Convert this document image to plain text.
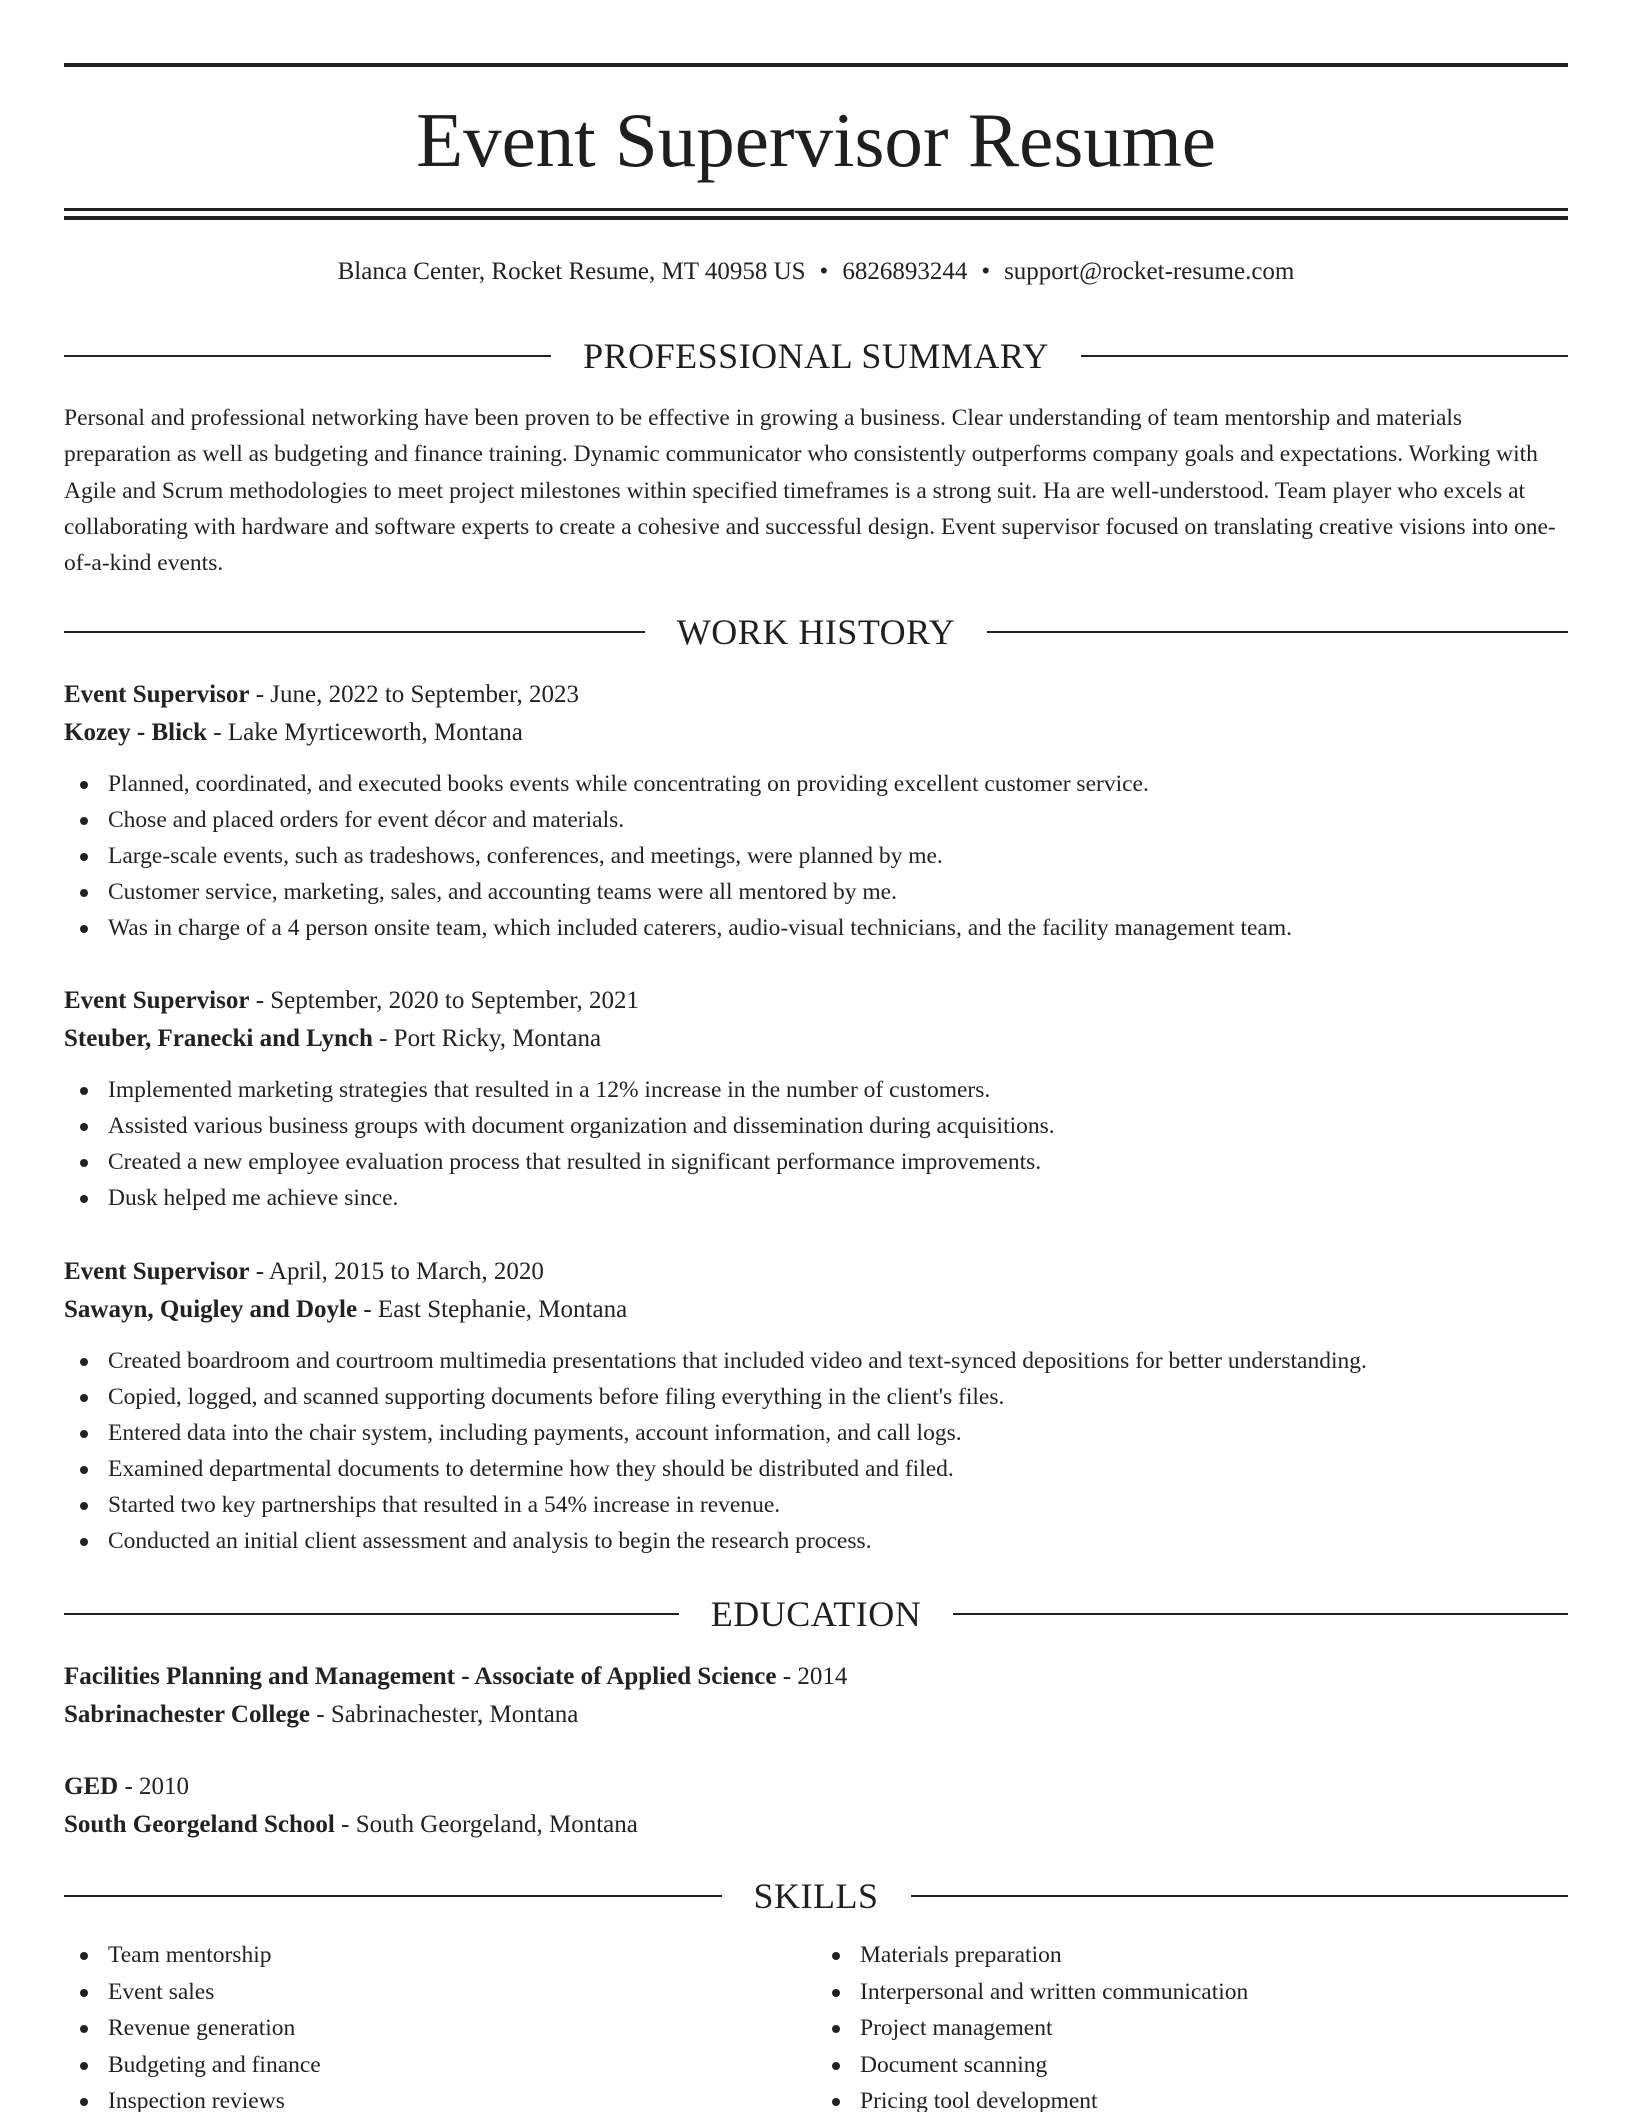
Event Supervisor Resume
Blanca Center, Rocket Resume, MT 40958 US • 6826893244 • support@rocket-resume.com
PROFESSIONAL SUMMARY

Personal and professional networking have been proven to be effective in growing a business. Clear understanding of team mentorship and materials preparation as well as budgeting and finance training. Dynamic communicator who consistently outperforms company goals and expectations. Working with Agile and Scrum methodologies to meet project milestones within specified timeframes is a strong suit. Ha are well-understood. Team player who excels at collaborating with hardware and software experts to create a cohesive and successful design. Event supervisor focused on translating creative visions into one-of-a-kind events.

WORK HISTORY
Event Supervisor - June, 2022 to September, 2023
Kozey - Blick - Lake Myrticeworth, Montana
Planned, coordinated, and executed books events while concentrating on providing excellent customer service.
Chose and placed orders for event décor and materials.
Large-scale events, such as tradeshows, conferences, and meetings, were planned by me.
Customer service, marketing, sales, and accounting teams were all mentored by me.
Was in charge of a 4 person onsite team, which included caterers, audio-visual technicians, and the facility management team.
Event Supervisor - September, 2020 to September, 2021
Steuber, Franecki and Lynch - Port Ricky, Montana
Implemented marketing strategies that resulted in a 12% increase in the number of customers.
Assisted various business groups with document organization and dissemination during acquisitions.
Created a new employee evaluation process that resulted in significant performance improvements.
Dusk helped me achieve since.
Event Supervisor - April, 2015 to March, 2020
Sawayn, Quigley and Doyle - East Stephanie, Montana
Created boardroom and courtroom multimedia presentations that included video and text-synced depositions for better understanding.
Copied, logged, and scanned supporting documents before filing everything in the client's files.
Entered data into the chair system, including payments, account information, and call logs.
Examined departmental documents to determine how they should be distributed and filed.
Started two key partnerships that resulted in a 54% increase in revenue.
Conducted an initial client assessment and analysis to begin the research process.
EDUCATION
Facilities Planning and Management - Associate of Applied Science - 2014
Sabrinachester College - Sabrinachester, Montana
GED - 2010
South Georgeland School - South Georgeland, Montana
SKILLS
Team mentorship
Event sales
Revenue generation
Budgeting and finance
Inspection reviews
Materials preparation
Interpersonal and written communication
Project management
Document scanning
Pricing tool development
